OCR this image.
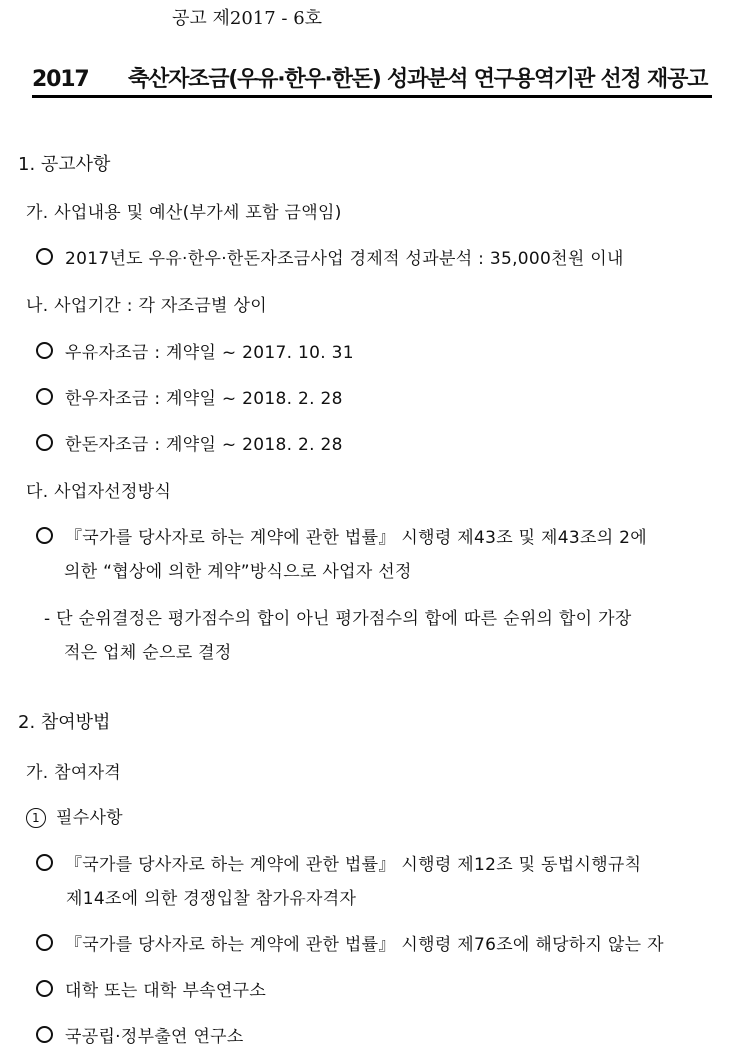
공고 제2017 - 6호
2017 축산자조금(우유·한우·한돈) 성과분석 연구용역기관 선정 재공고
1. 공고사항
가. 사업내용 및 예산(부가세 포함 금액임)
2017년도 우유·한우·한돈자조금사업 경제적 성과분석 : 35,000천원 이내
나. 사업기간 : 각 자조금별 상이
우유자조금 : 계약일 ~ 2017. 10. 31
한우자조금 : 계약일 ~ 2018. 2. 28
한돈자조금 : 계약일 ~ 2018. 2. 28
다. 사업자선정방식
『국가를 당사자로 하는 계약에 관한 법률』 시행령 제43조 및 제43조의 2에
의한 “협상에 의한 계약”방식으로 사업자 선정
- 단 순위결정은 평가점수의 합이 아닌 평가점수의 합에 따른 순위의 합이 가장
적은 업체 순으로 결정
2. 참여방법
가. 참여자격
1 필수사항
『국가를 당사자로 하는 계약에 관한 법률』 시행령 제12조 및 동법시행규칙
제14조에 의한 경쟁입찰 참가유자격자
『국가를 당사자로 하는 계약에 관한 법률』 시행령 제76조에 해당하지 않는 자
대학 또는 대학 부속연구소
국공립·정부출연 연구소
